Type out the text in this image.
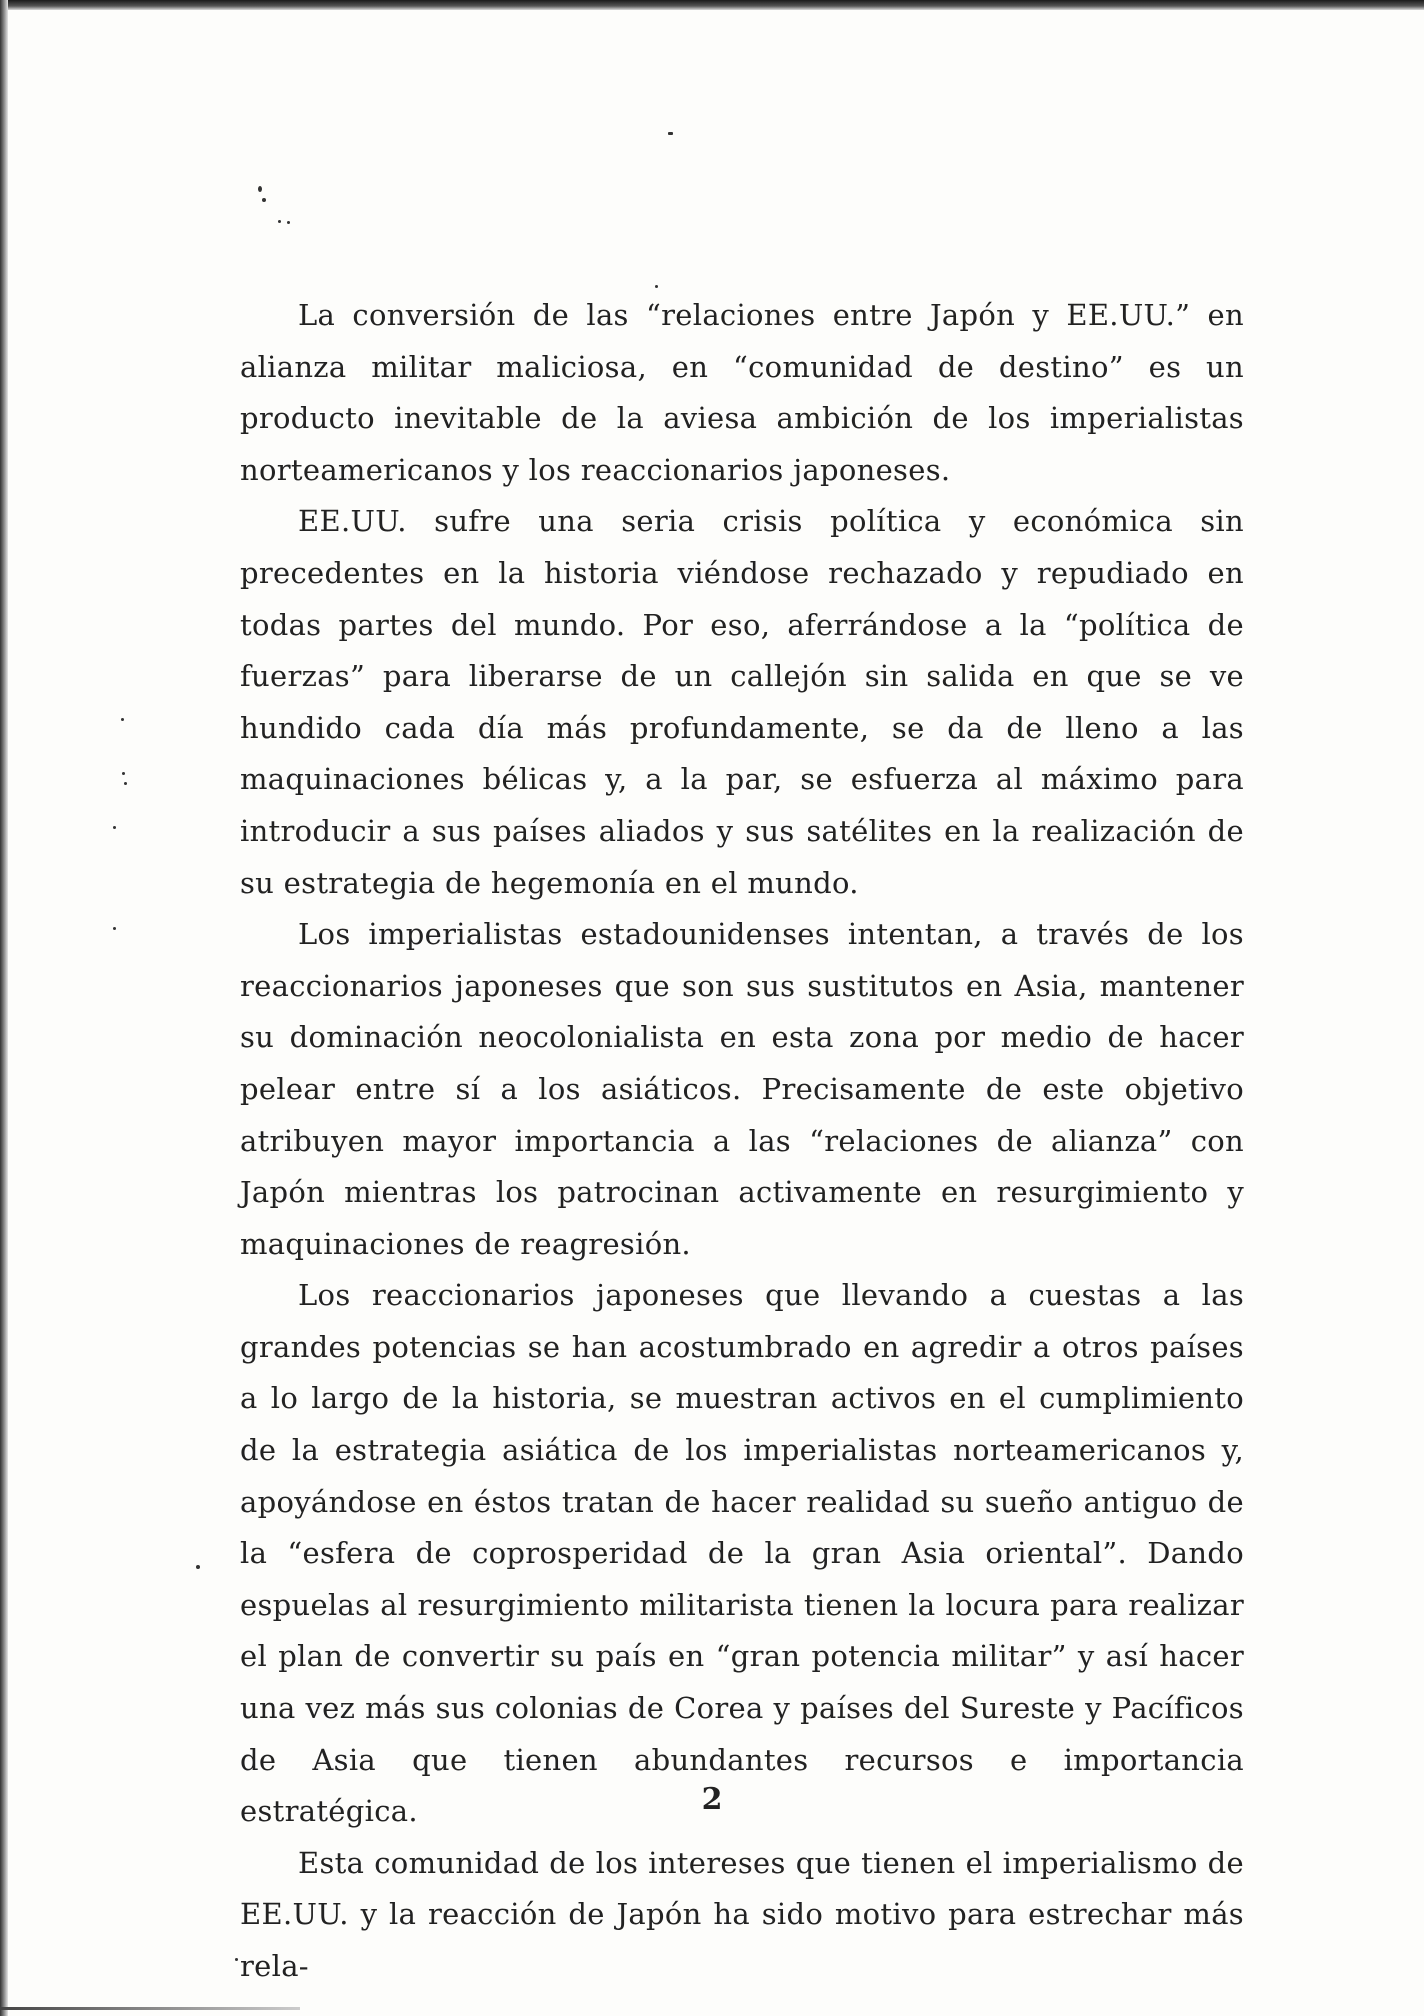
La conversión de las “relaciones entre Japón y EE.UU.” en alianza militar maliciosa, en “comunidad de destino” es un producto inevitable de la aviesa ambición de los imperialistas norteamericanos y los reaccionarios japoneses.

EE.UU. sufre una seria crisis política y económica sin precedentes en la historia viéndose rechazado y repudiado en todas partes del mundo. Por eso, aferrándose a la “política de fuerzas” para liberarse de un callejón sin salida en que se ve hundido cada día más profundamente, se da de lleno a las maquinaciones bélicas y, a la par, se esfuerza al máximo para introducir a sus países aliados y sus satélites en la realización de su estrategia de hegemonía en el mundo.

Los imperialistas estadounidenses intentan, a través de los reaccionarios japoneses que son sus sustitutos en Asia, mantener su dominación neocolonialista en esta zona por medio de hacer pelear entre sí a los asiáticos. Precisamente de este objetivo atribuyen mayor importancia a las “relaciones de alianza” con Japón mientras los patrocinan activamente en resurgimiento y maquinaciones de reagresión.

Los reaccionarios japoneses que llevando a cuestas a las grandes potencias se han acostumbrado en agredir a otros países a lo largo de la historia, se muestran activos en el cumplimiento de la estrategia asiática de los imperialistas norteamericanos y, apoyándose en éstos tratan de hacer realidad su sueño antiguo de la “esfera de coprosperidad de la gran Asia oriental”. Dando espuelas al resurgimiento militarista tienen la locura para realizar el plan de convertir su país en “gran potencia militar” y así hacer una vez más sus colonias de Corea y países del Sureste y Pacíficos de Asia que tienen abundantes recursos e importancia estratégica.

Esta comunidad de los intereses que tienen el imperialismo de EE.UU. y la reacción de Japón ha sido motivo para estrechar más rela-

2
